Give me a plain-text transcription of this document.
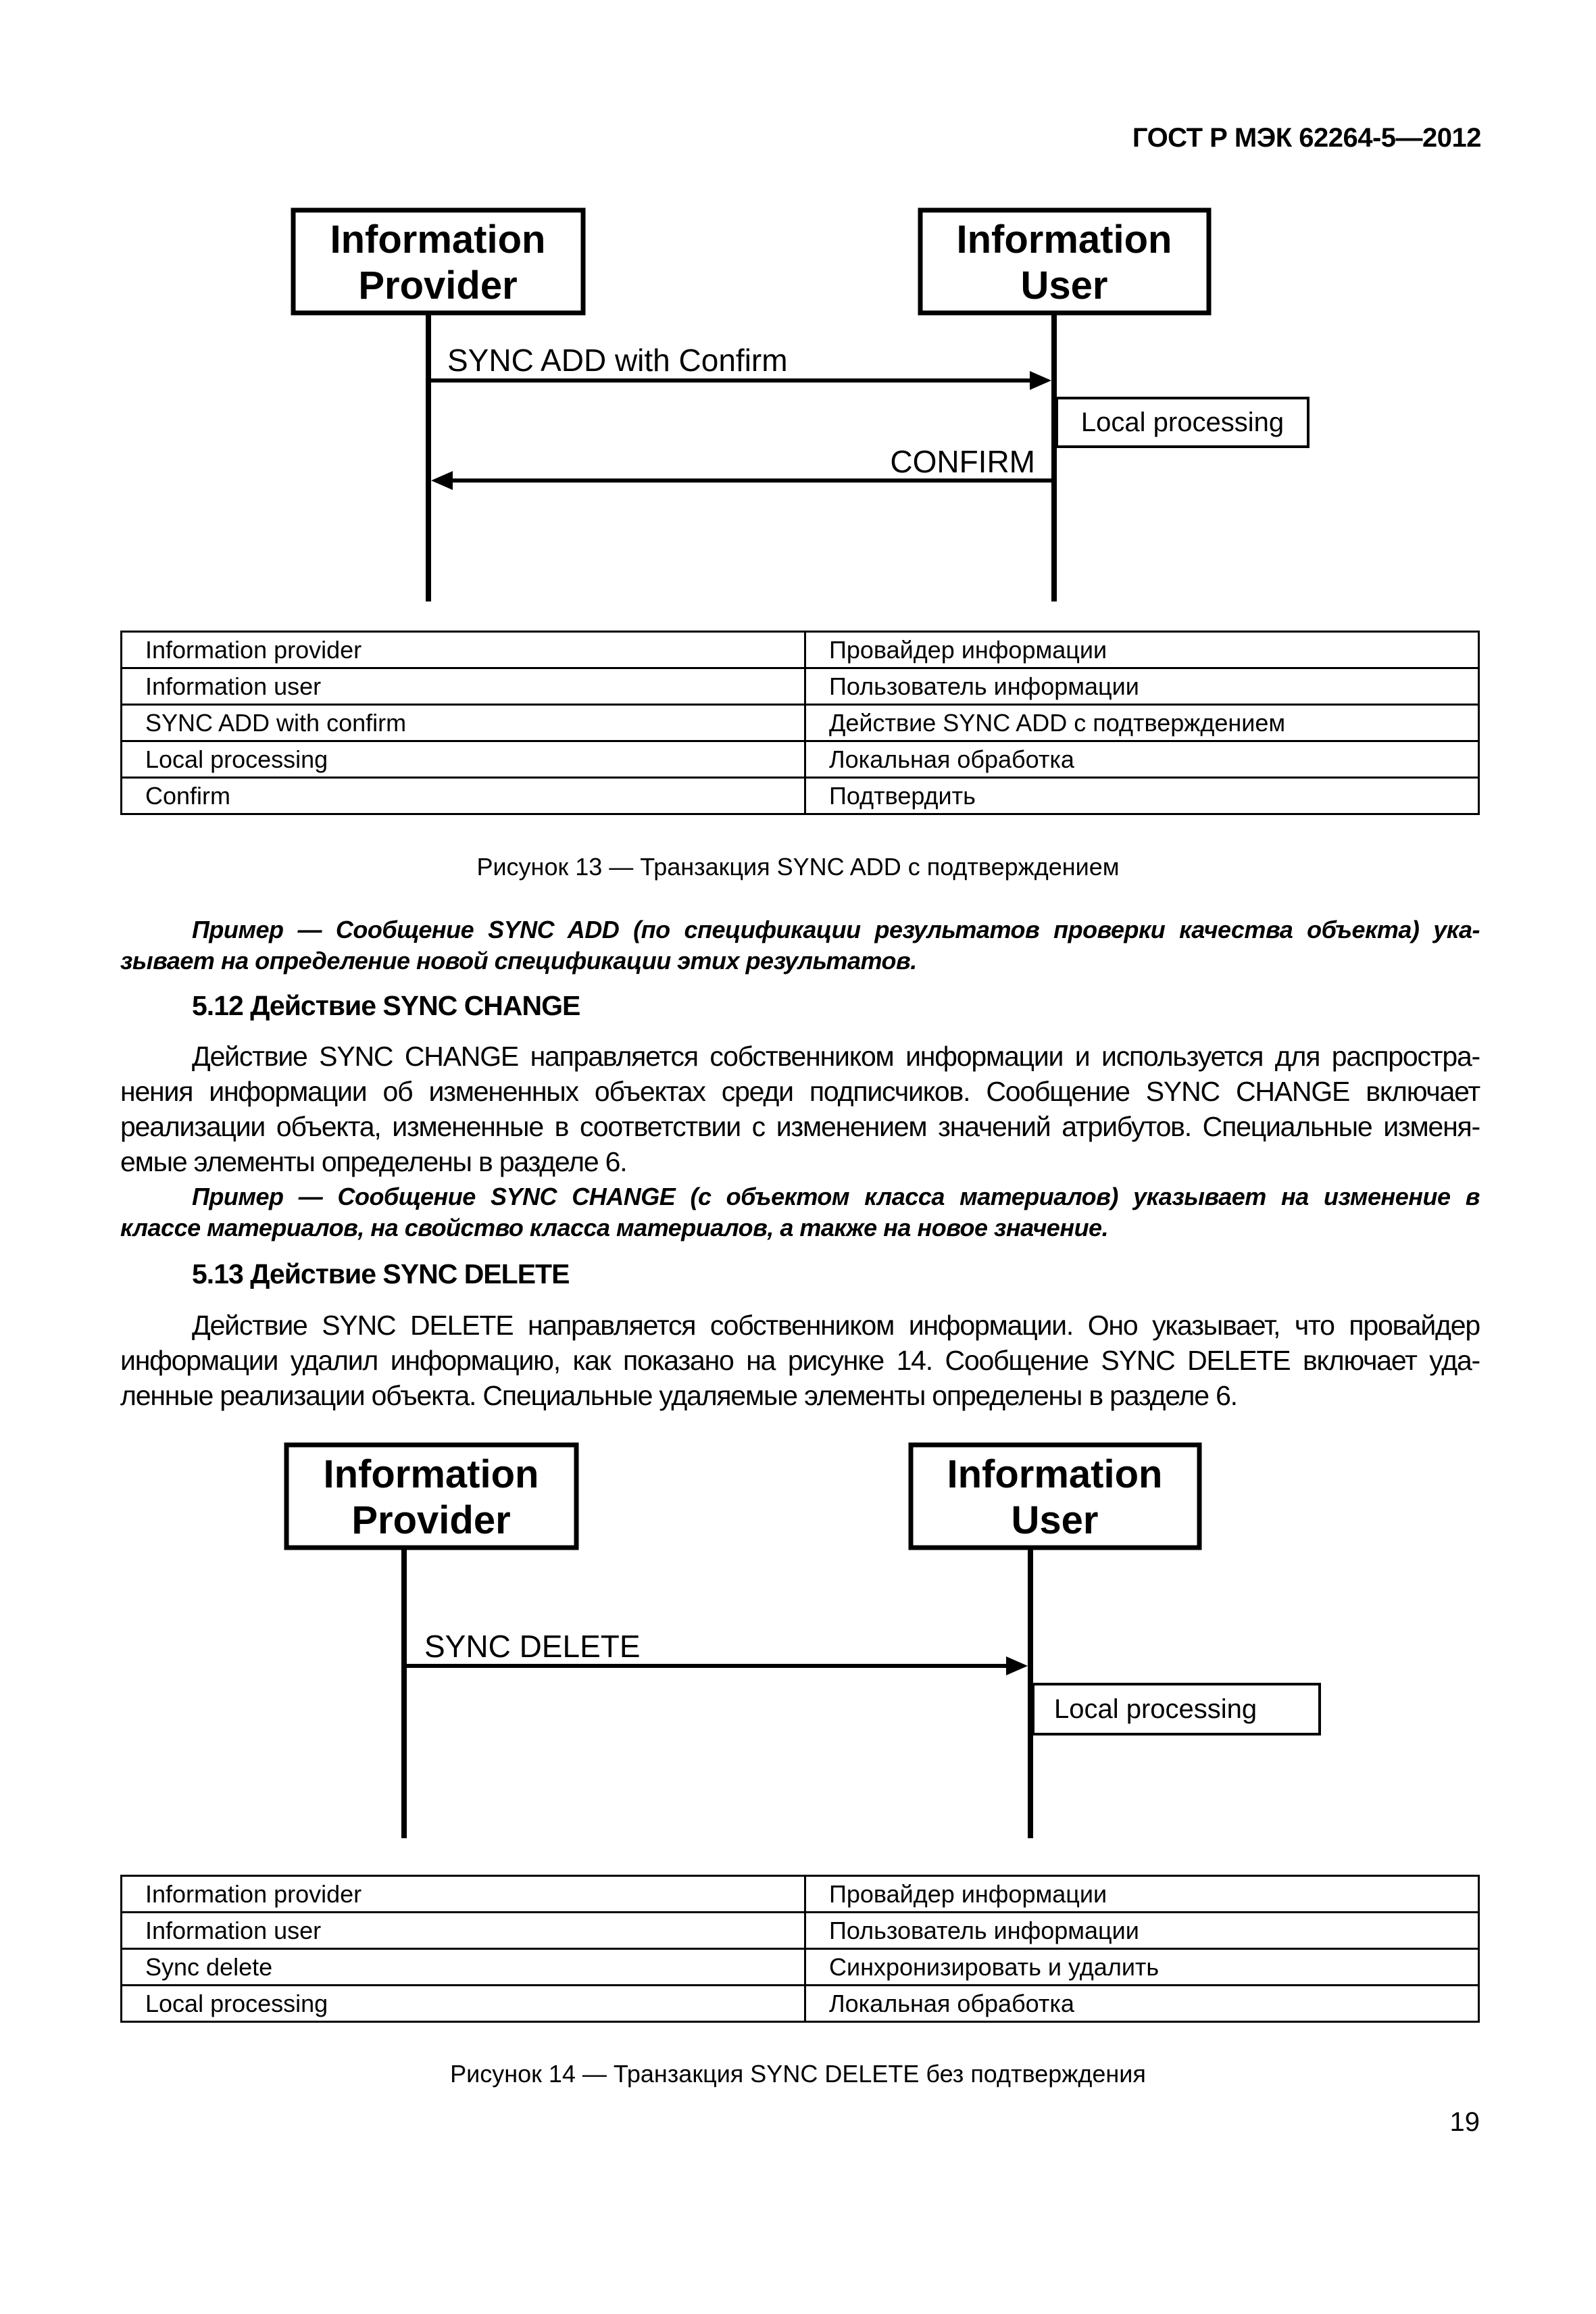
ГОСТ Р МЭК 62264-5—2012
Information
Provider
Information
User
SYNC ADD with Confirm
Local processing
CONFIRM
Information provider	Провайдер информации
Information user	Пользователь информации
SYNC ADD with confirm	Действие SYNC ADD с подтверждением
Local processing	Локальная обработка
Confirm	Подтвердить
Рисунок 13 — Транзакция SYNC ADD с подтверждением
Пример — Сообщение SYNC ADD (по спецификации результатов проверки качества объекта) ука-
зывает на определение новой спецификации этих результатов.
5.12 Действие SYNC CHANGE
Действие SYNC CHANGE направляется собственником информации и используется для распростра-
нения информации об измененных объектах среди подписчиков. Сообщение SYNC CHANGE включает
реализации объекта, измененные в соответствии с изменением значений атрибутов. Специальные изменя-
емые элементы определены в разделе 6.
Пример — Сообщение SYNC CHANGE (с объектом класса материалов) указывает на изменение в
классе материалов, на свойство класса материалов, а также на новое значение.
5.13 Действие SYNC DELETE
Действие SYNC DELETE направляется собственником информации. Оно указывает, что провайдер
информации удалил информацию, как показано на рисунке 14. Сообщение SYNC DELETE включает уда-
ленные реализации объекта. Специальные удаляемые элементы определены в разделе 6.
Information
Provider
Information
User
SYNC DELETE
Local processing
Information provider	Провайдер информации
Information user	Пользователь информации
Sync delete	Синхронизировать и удалить
Local processing	Локальная обработка
Рисунок 14 — Транзакция SYNC DELETE без подтверждения
19
